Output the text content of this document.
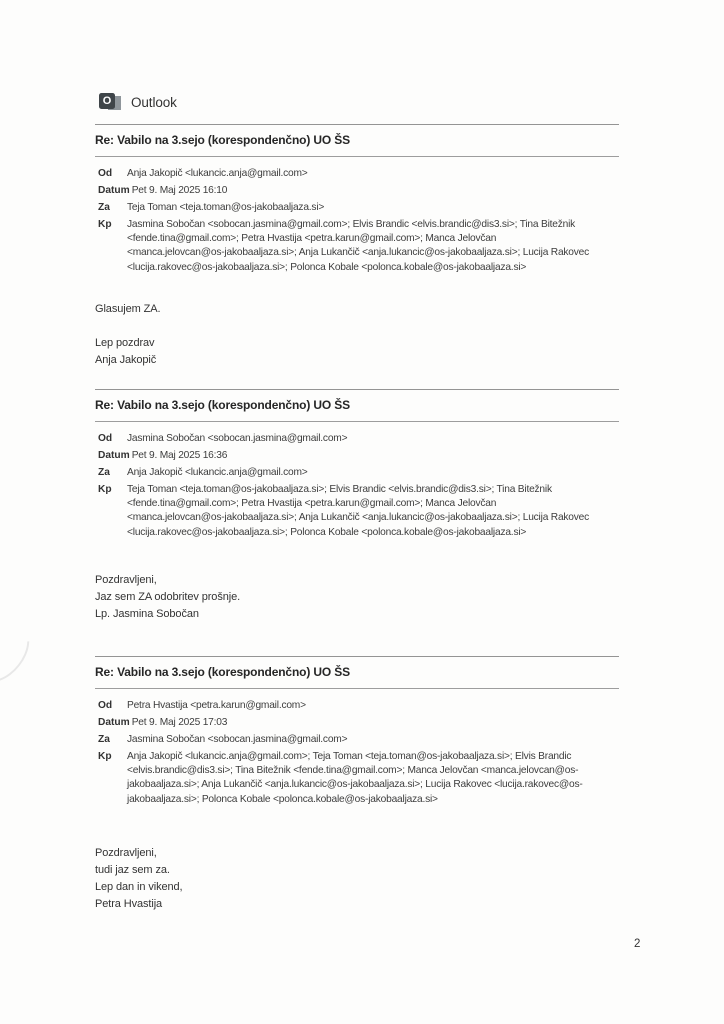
O Outlook
Re: Vabilo na 3.sejo (korespondenčno) UO ŠS
Od	Anja Jakopič <lukancic.anja@gmail.com>
Datum Pet 9. Maj 2025 16:10
Za	Teja Toman <teja.toman@os-jakobaaljaza.si>
Kp	Jasmina Sobočan <sobocan.jasmina@gmail.com>; Elvis Brandic <elvis.brandic@dis3.si>; Tina Bitežnik
<fende.tina@gmail.com>; Petra Hvastija <petra.karun@gmail.com>; Manca Jelovčan
<manca.jelovcan@os-jakobaaljaza.si>; Anja Lukančič <anja.lukancic@os-jakobaaljaza.si>; Lucija Rakovec
<lucija.rakovec@os-jakobaaljaza.si>; Polonca Kobale <polonca.kobale@os-jakobaaljaza.si>
Glasujem ZA.
Lep pozdrav
Anja Jakopič
Re: Vabilo na 3.sejo (korespondenčno) UO ŠS
Od	Jasmina Sobočan <sobocan.jasmina@gmail.com>
Datum Pet 9. Maj 2025 16:36
Za	Anja Jakopič <lukancic.anja@gmail.com>
Kp	Teja Toman <teja.toman@os-jakobaaljaza.si>; Elvis Brandic <elvis.brandic@dis3.si>; Tina Bitežnik
<fende.tina@gmail.com>; Petra Hvastija <petra.karun@gmail.com>; Manca Jelovčan
<manca.jelovcan@os-jakobaaljaza.si>; Anja Lukančič <anja.lukancic@os-jakobaaljaza.si>; Lucija Rakovec
<lucija.rakovec@os-jakobaaljaza.si>; Polonca Kobale <polonca.kobale@os-jakobaaljaza.si>
Pozdravljeni,
Jaz sem ZA odobritev prošnje.
Lp. Jasmina Sobočan
Re: Vabilo na 3.sejo (korespondenčno) UO ŠS
Od	Petra Hvastija <petra.karun@gmail.com>
Datum Pet 9. Maj 2025 17:03
Za	Jasmina Sobočan <sobocan.jasmina@gmail.com>
Kp	Anja Jakopič <lukancic.anja@gmail.com>; Teja Toman <teja.toman@os-jakobaaljaza.si>; Elvis Brandic
<elvis.brandic@dis3.si>; Tina Bitežnik <fende.tina@gmail.com>; Manca Jelovčan <manca.jelovcan@os-
jakobaaljaza.si>; Anja Lukančič <anja.lukancic@os-jakobaaljaza.si>; Lucija Rakovec <lucija.rakovec@os-
jakobaaljaza.si>; Polonca Kobale <polonca.kobale@os-jakobaaljaza.si>
Pozdravljeni,
tudi jaz sem za.
Lep dan in vikend,
Petra Hvastija
2
